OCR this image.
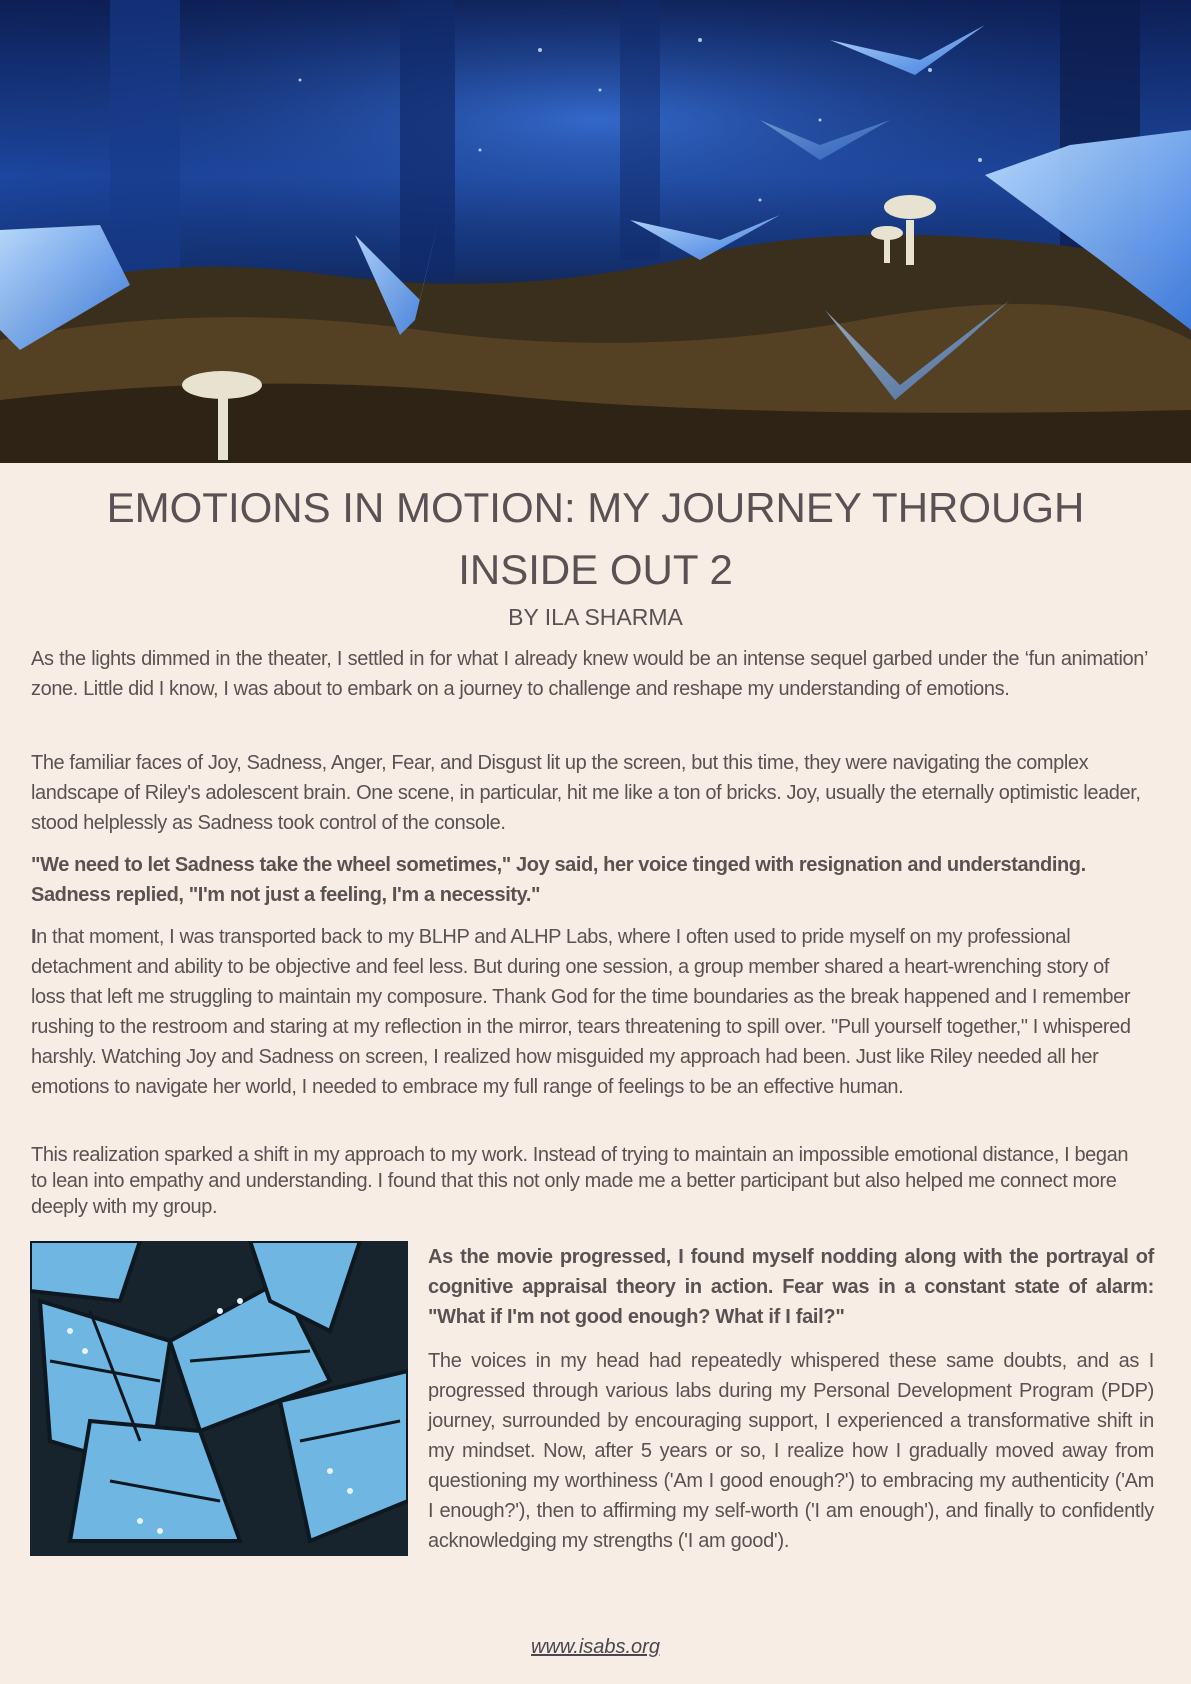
EMOTIONS IN MOTION: MY JOURNEY THROUGH INSIDE OUT 2
BY ILA SHARMA

As the lights dimmed in the theater, I settled in for what I already knew would be an intense sequel garbed under the ‘fun animation’ zone. Little did I know, I was about to embark on a journey to challenge and reshape my understanding of emotions.

The familiar faces of Joy, Sadness, Anger, Fear, and Disgust lit up the screen, but this time, they were navigating the complex landscape of Riley's adolescent brain. One scene, in particular, hit me like a ton of bricks. Joy, usually the eternally optimistic leader, stood helplessly as Sadness took control of the console.

"We need to let Sadness take the wheel sometimes," Joy said, her voice tinged with resignation and understanding. Sadness replied, "I'm not just a feeling, I'm a necessity."

In that moment, I was transported back to my BLHP and ALHP Labs, where I often used to pride myself on my professional detachment and ability to be objective and feel less. But during one session, a group member shared a heart-wrenching story of loss that left me struggling to maintain my composure. Thank God for the time boundaries as the break happened and I remember rushing to the restroom and staring at my reflection in the mirror, tears threatening to spill over. "Pull yourself together," I whispered harshly. Watching Joy and Sadness on screen, I realized how misguided my approach had been. Just like Riley needed all her emotions to navigate her world, I needed to embrace my full range of feelings to be an effective human.

This realization sparked a shift in my approach to my work. Instead of trying to maintain an impossible emotional distance, I began to lean into empathy and understanding. I found that this not only made me a better participant but also helped me connect more deeply with my group.

As the movie progressed, I found myself nodding along with the portrayal of cognitive appraisal theory in action. Fear was in a constant state of alarm: "What if I'm not good enough? What if I fail?"

The voices in my head had repeatedly whispered these same doubts, and as I progressed through various labs during my Personal Development Program (PDP) journey, surrounded by encouraging support, I experienced a transformative shift in my mindset. Now, after 5 years or so, I realize how I gradually moved away from questioning my worthiness ('Am I good enough?') to embracing my authenticity ('Am I enough?'), then to affirming my self-worth ('I am enough'), and finally to confidently acknowledging my strengths ('I am good').

www.isabs.org
